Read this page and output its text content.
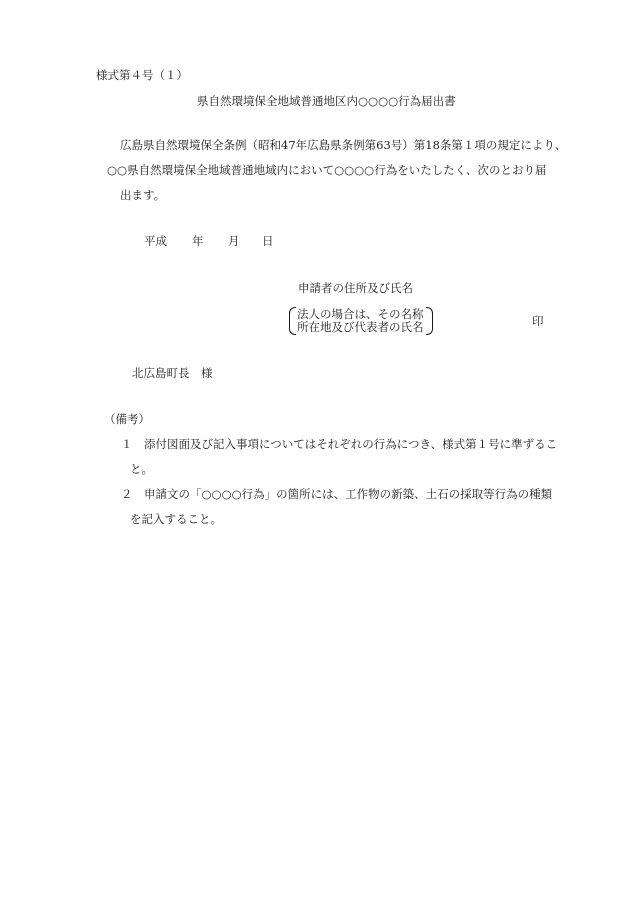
様式第４号（１）
県自然環境保全地域普通地区内○○○○行為届出書
広島県自然環境保全条例（昭和47年広島県条例第63号）第18条第１項の規定により、
○○県自然環境保全地域普通地域内において○○○○行為をいたしたく、次のとおり届
出ます。
平成 年 月 日
申請者の住所及び氏名
法人の場合は、その名称
所在地及び代表者の氏名	印
北広島町長　様
（備考）
１ 添付図面及び記入事項についてはそれぞれの行為につき、様式第１号に準ずるこ
と。
２ 申請文の「○○○○行為」の箇所には、工作物の新築、土石の採取等行為の種類
を記入すること。
